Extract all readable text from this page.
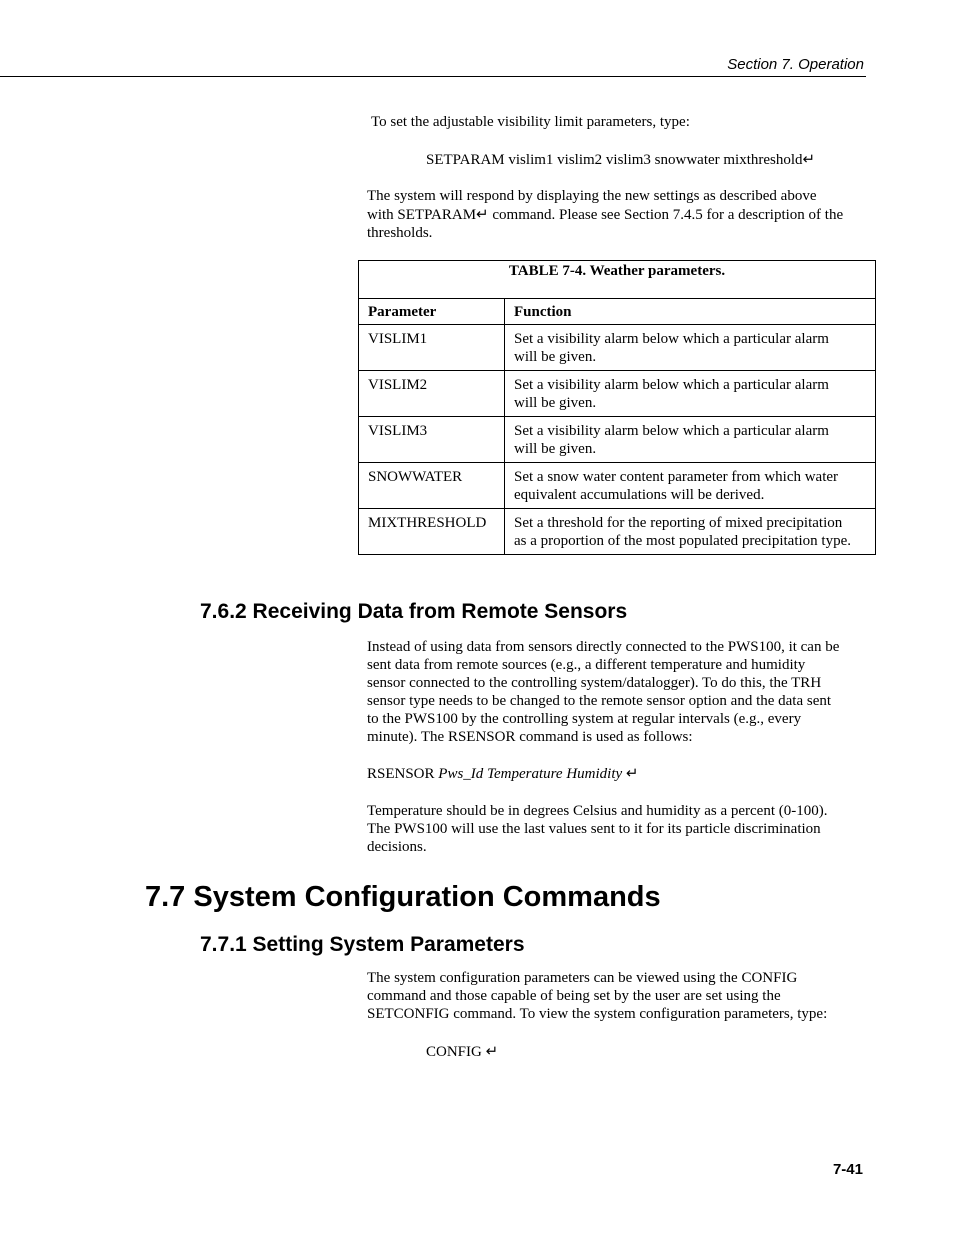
Section 7. Operation
To set the adjustable visibility limit parameters, type:
SETPARAM vislim1 vislim2 vislim3 snowwater mixthreshold↵
The system will respond by displaying the new settings as described above
with SETPARAM↵ command. Please see Section 7.4.5 for a description of the
thresholds.
TABLE 7-4. Weather parameters.	

Parameter	Function
VISLIM1	Set a visibility alarm below which a particular alarm
will be given.

VISLIM2	Set a visibility alarm below which a particular alarm
will be given.

VISLIM3	Set a visibility alarm below which a particular alarm
will be given.

SNOWWATER	Set a snow water content parameter from which water
equivalent accumulations will be derived.

MIXTHRESHOLD	Set a threshold for the reporting of mixed precipitation
as a proportion of the most populated precipitation type.
7.6.2 Receiving Data from Remote Sensors
Instead of using data from sensors directly connected to the PWS100, it can be
sent data from remote sources (e.g., a different temperature and humidity
sensor connected to the controlling system/datalogger). To do this, the TRH
sensor type needs to be changed to the remote sensor option and the data sent
to the PWS100 by the controlling system at regular intervals (e.g., every
minute). The RSENSOR command is used as follows:
RSENSOR Pws_Id Temperature Humidity ↵
Temperature should be in degrees Celsius and humidity as a percent (0-100).
The PWS100 will use the last values sent to it for its particle discrimination
decisions.
7.7 System Configuration Commands
7.7.1 Setting System Parameters
The system configuration parameters can be viewed using the CONFIG
command and those capable of being set by the user are set using the
SETCONFIG command. To view the system configuration parameters, type:
CONFIG ↵
7-41
